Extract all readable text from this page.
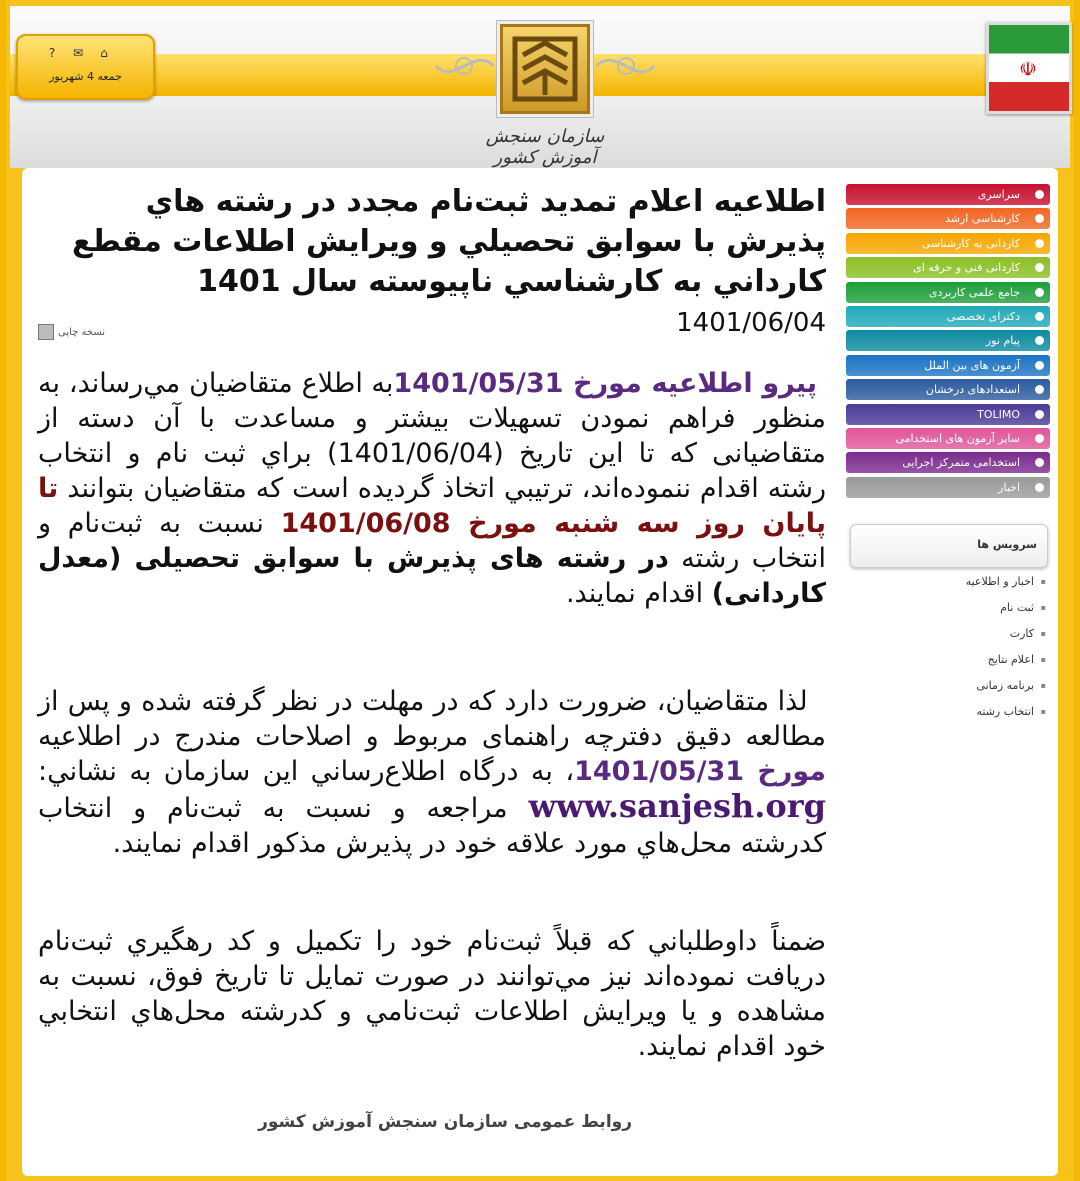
?	✉	⌂
جمعه 4 شهريور
سازمان سنجش آموزش کشور
☫
اطلاعيه اعلام تمديد ثبت‌نام مجدد در رشته هاي پذيرش با سوابق تحصيلي و ويرايش اطلاعات مقطع كارداني به كارشناسي ناپيوسته سال 1401
1401/06/04
نسخه چاپی
پیرو اطلاعیه مورخ 1401/05/31به اطلاع متقاضيان مي‌رساند، به منظور فراهم نمودن تسهيلات بيشتر و مساعدت با آن دسته از متقاضيانی که تا اين تاريخ (1401/06/04) براي ثبت نام و انتخاب رشته اقدام ننموده‌اند، ترتيبي اتخاذ گرديده است كه متقاضيان بتوانند تا پایان روز سه شنبه مورخ 1401/06/08 نسبت به ثبت‌نام و انتخاب رشته در رشته های پذيرش با سوابق تحصیلی (معدل کاردانی) اقدام نمايند.
لذا متقاضيان، ضرورت دارد که در مهلت در نظر گرفته شده و پس از مطالعه دقيق دفترچه راهنمای مربوط و اصلاحات مندرج در اطلاعيه مورخ 1401/05/31، به درگاه اطلاع‌رساني اين سازمان به نشاني: www.sanjesh.org مراجعه و نسبت به ثبت‌نام و انتخاب کدرشته محل‌هاي مورد علاقه خود در پذيرش مذکور اقدام نمايند.
ضمناً داوطلباني كه قبلاً ثبت‌نام خود را تكميل و كد رهگيري ثبت‌نام دريافت نموده‌اند نيز مي‌توانند در صورت تمايل تا تاريخ فوق، نسبت به مشاهده و يا ويرايش اطلاعات ثبت‌نامي و كدرشته محل‌هاي انتخابي خود اقدام نمايند.
روابط عمومی سازمان سنجش آموزش کشور
سراسری
کارشناسی ارشد
کاردانی به کارشناسی
کاردانی فنی و حرفه ای
جامع علمی کاربردی
دکترای تخصصی
پیام نور
آزمون های بین الملل
استعدادهای درخشان
TOLIMO
سایر آزمون های استخدامی
استخدامی متمرکز اجرایی
اخبار
سرویس ها
▪ اخبار و اطلاعیه
▪ ثبت نام
▪ کارت
▪ اعلام نتایج
▪ برنامه زمانی
▪ انتخاب رشته
